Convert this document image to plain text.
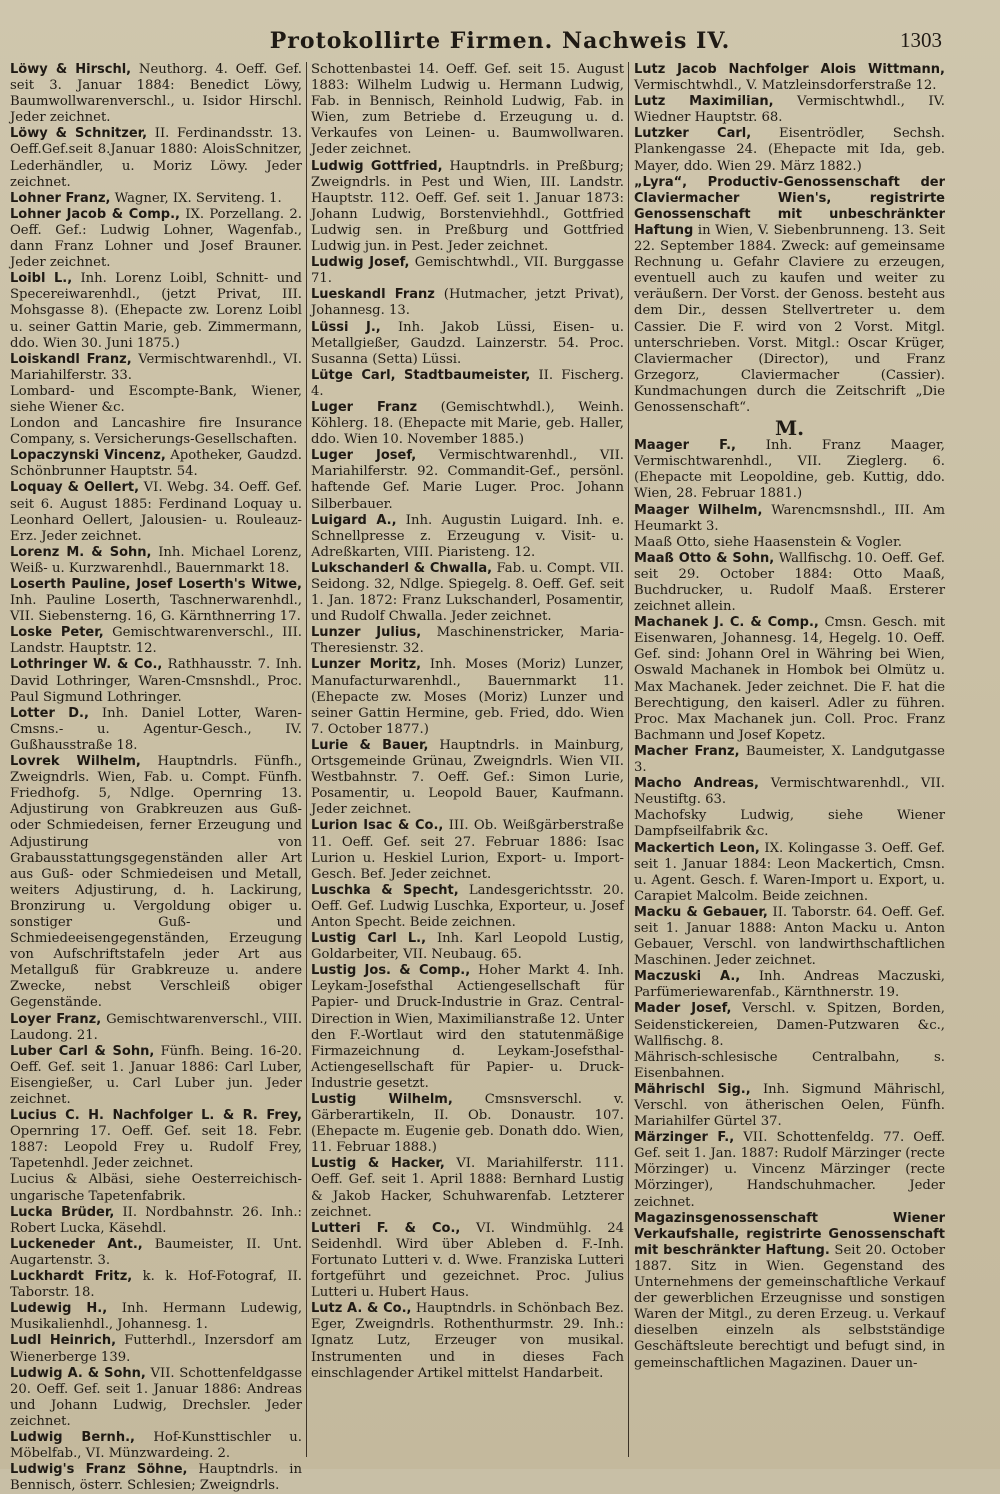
Protokollirte Firmen. Nachweis IV.	1303

Löwy & Hirschl, Neuthorg. 4. Oeff. Gef. seit 3. Januar 1884: Benedict Löwy, Baumwollwarenverschl., u. Isidor Hirschl. Jeder zeichnet.

Löwy & Schnitzer, II. Ferdinandsstr. 13. Oeff.Gef.seit 8.Januar 1880: AloisSchnitzer, Lederhändler, u. Moriz Löwy. Jeder zeichnet.

Lohner Franz, Wagner, IX. Serviteng. 1.

Lohner Jacob & Comp., IX. Porzellang. 2. Oeff. Gef.: Ludwig Lohner, Wagenfab., dann Franz Lohner und Josef Brauner. Jeder zeichnet.

Loibl L., Inh. Lorenz Loibl, Schnitt- und Specereiwarenhdl., (jetzt Privat, III. Mohsgasse 8). (Ehepacte zw. Lorenz Loibl u. seiner Gattin Marie, geb. Zimmermann, ddo. Wien 30. Juni 1875.)

Loiskandl Franz, Vermischtwarenhdl., VI. Mariahilferstr. 33.

Lombard- und Escompte-Bank, Wiener, siehe Wiener &c.

London and Lancashire fire Insurance Company, s. Versicherungs-Gesellschaften.

Lopaczynski Vincenz, Apotheker, Gaudzd. Schönbrunner Hauptstr. 54.

Loquay & Oellert, VI. Webg. 34. Oeff. Gef. seit 6. August 1885: Ferdinand Loquay u. Leonhard Oellert, Jalousien- u. Rouleauz-Erz. Jeder zeichnet.

Lorenz M. & Sohn, Inh. Michael Lorenz, Weiß- u. Kurzwarenhdl., Bauernmarkt 18.

Loserth Pauline, Josef Loserth's Witwe, Inh. Pauline Loserth, Taschnerwarenhdl., VII. Siebensterng. 16, G. Kärnthnerring 17.

Loske Peter, Gemischtwarenverschl., III. Landstr. Hauptstr. 12.

Lothringer W. & Co., Rathhausstr. 7. Inh. David Lothringer, Waren-Cmsnshdl., Proc. Paul Sigmund Lothringer.

Lotter D., Inh. Daniel Lotter, Waren-Cmsns.- u. Agentur-Gesch., IV. Gußhausstraße 18.

Lovrek Wilhelm, Hauptndrls. Fünfh., Zweigndrls. Wien, Fab. u. Compt. Fünfh. Friedhofg. 5, Ndlge. Opernring 13. Adjustirung von Grabkreuzen aus Guß- oder Schmiedeisen, ferner Erzeugung und Adjustirung von Grabausstattungsgegenständen aller Art aus Guß- oder Schmiedeisen und Metall, weiters Adjustirung, d. h. Lackirung, Bronzirung u. Vergoldung obiger u. sonstiger Guß- und Schmiedeeisengegenständen, Erzeugung von Aufschriftstafeln jeder Art aus Metallguß für Grabkreuze u. andere Zwecke, nebst Verschleiß obiger Gegenstände.

Loyer Franz, Gemischtwarenverschl., VIII. Laudong. 21.

Luber Carl & Sohn, Fünfh. Being. 16-20. Oeff. Gef. seit 1. Januar 1886: Carl Luber, Eisengießer, u. Carl Luber jun. Jeder zeichnet.

Lucius C. H. Nachfolger L. & R. Frey, Opernring 17. Oeff. Gef. seit 18. Febr. 1887: Leopold Frey u. Rudolf Frey, Tapetenhdl. Jeder zeichnet.

Lucius & Albäsi, siehe Oesterreichisch-ungarische Tapetenfabrik.

Lucka Brüder, II. Nordbahnstr. 26. Inh.: Robert Lucka, Käsehdl.

Luckeneder Ant., Baumeister, II. Unt. Augartenstr. 3.

Luckhardt Fritz, k. k. Hof-Fotograf, II. Taborstr. 18.

Ludewig H., Inh. Hermann Ludewig, Musikalienhdl., Johannesg. 1.

Ludl Heinrich, Futterhdl., Inzersdorf am Wienerberge 139.

Ludwig A. & Sohn, VII. Schottenfeldgasse 20. Oeff. Gef. seit 1. Januar 1886: Andreas und Johann Ludwig, Drechsler. Jeder zeichnet.

Ludwig Bernh., Hof-Kunsttischler u. Möbelfab., VI. Münzwardeing. 2.

Ludwig's Franz Söhne, Hauptndrls. in Bennisch, österr. Schlesien; Zweigndrls.

Schottenbastei 14. Oeff. Gef. seit 15. August 1883: Wilhelm Ludwig u. Hermann Ludwig, Fab. in Bennisch, Reinhold Ludwig, Fab. in Wien, zum Betriebe d. Erzeugung u. d. Verkaufes von Leinen- u. Baumwollwaren. Jeder zeichnet.

Ludwig Gottfried, Hauptndrls. in Preßburg; Zweigndrls. in Pest und Wien, III. Landstr. Hauptstr. 112. Oeff. Gef. seit 1. Januar 1873: Johann Ludwig, Borstenviehhdl., Gottfried Ludwig sen. in Preßburg und Gottfried Ludwig jun. in Pest. Jeder zeichnet.

Ludwig Josef, Gemischtwhdl., VII. Burggasse 71.

Lueskandl Franz (Hutmacher, jetzt Privat), Johannesg. 13.

Lüssi J., Inh. Jakob Lüssi, Eisen- u. Metallgießer, Gaudzd. Lainzerstr. 54. Proc. Susanna (Setta) Lüssi.

Lütge Carl, Stadtbaumeister, II. Fischerg. 4.

Luger Franz (Gemischtwhdl.), Weinh. Köhlerg. 18. (Ehepacte mit Marie, geb. Haller, ddo. Wien 10. November 1885.)

Luger Josef, Vermischtwarenhdl., VII. Mariahilferstr. 92. Commandit-Gef., persönl. haftende Gef. Marie Luger. Proc. Johann Silberbauer.

Luigard A., Inh. Augustin Luigard. Inh. e. Schnellpresse z. Erzeugung v. Visit- u. Adreßkarten, VIII. Piaristeng. 12.

Lukschanderl & Chwalla, Fab. u. Compt. VII. Seidong. 32, Ndlge. Spiegelg. 8. Oeff. Gef. seit 1. Jan. 1872: Franz Lukschanderl, Posamentir, und Rudolf Chwalla. Jeder zeichnet.

Lunzer Julius, Maschinenstricker, Maria-Theresienstr. 32.

Lunzer Moritz, Inh. Moses (Moriz) Lunzer, Manufacturwarenhdl., Bauernmarkt 11. (Ehepacte zw. Moses (Moriz) Lunzer und seiner Gattin Hermine, geb. Fried, ddo. Wien 7. October 1877.)

Lurie & Bauer, Hauptndrls. in Mainburg, Ortsgemeinde Grünau, Zweigndrls. Wien VII. Westbahnstr. 7. Oeff. Gef.: Simon Lurie, Posamentir, u. Leopold Bauer, Kaufmann. Jeder zeichnet.

Lurion Isac & Co., III. Ob. Weißgärberstraße 11. Oeff. Gef. seit 27. Februar 1886: Isac Lurion u. Heskiel Lurion, Export- u. Import-Gesch. Bef. Jeder zeichnet.

Luschka & Specht, Landesgerichtsstr. 20. Oeff. Gef. Ludwig Luschka, Exporteur, u. Josef Anton Specht. Beide zeichnen.

Lustig Carl L., Inh. Karl Leopold Lustig, Goldarbeiter, VII. Neubaug. 65.

Lustig Jos. & Comp., Hoher Markt 4. Inh. Leykam-Josefsthal Actiengesellschaft für Papier- und Druck-Industrie in Graz. Central-Direction in Wien, Maximilianstraße 12. Unter den F.-Wortlaut wird den statutenmäßige Firmazeichnung d. Leykam-Josefsthal-Actiengesellschaft für Papier- u. Druck-Industrie gesetzt.

Lustig Wilhelm, Cmsnsverschl. v. Gärberartikeln, II. Ob. Donaustr. 107. (Ehepacte m. Eugenie geb. Donath ddo. Wien, 11. Februar 1888.)

Lustig & Hacker, VI. Mariahilferstr. 111. Oeff. Gef. seit 1. April 1888: Bernhard Lustig & Jakob Hacker, Schuhwarenfab. Letzterer zeichnet.

Lutteri F. & Co., VI. Windmühlg. 24 Seidenhdl. Wird über Ableben d. F.-Inh. Fortunato Lutteri v. d. Wwe. Franziska Lutteri fortgeführt und gezeichnet. Proc. Julius Lutteri u. Hubert Haus.

Lutz A. & Co., Hauptndrls. in Schönbach Bez. Eger, Zweigndrls. Rothenthurmstr. 29. Inh.: Ignatz Lutz, Erzeuger von musikal. Instrumenten und in dieses Fach einschlagender Artikel mittelst Handarbeit.

Lutz Jacob Nachfolger Alois Wittmann, Vermischtwhdl., V. Matzleinsdorferstraße 12.

Lutz Maximilian, Vermischtwhdl., IV. Wiedner Hauptstr. 68.

Lutzker Carl, Eisentrödler, Sechsh. Plankengasse 24. (Ehepacte mit Ida, geb. Mayer, ddo. Wien 29. März 1882.)

„Lyra“, Productiv-Genossenschaft der Claviermacher Wien's, registrirte Genossenschaft mit unbeschränkter Haftung in Wien, V. Siebenbrunneng. 13. Seit 22. September 1884. Zweck: auf gemeinsame Rechnung u. Gefahr Claviere zu erzeugen, eventuell auch zu kaufen und weiter zu veräußern. Der Vorst. der Genoss. besteht aus dem Dir., dessen Stellvertreter u. dem Cassier. Die F. wird von 2 Vorst. Mitgl. unterschrieben. Vorst. Mitgl.: Oscar Krüger, Claviermacher (Director), und Franz Grzegorz, Claviermacher (Cassier). Kundmachungen durch die Zeitschrift „Die Genossenschaft“.

M.

Maager F., Inh. Franz Maager, Vermischtwarenhdl., VII. Zieglerg. 6. (Ehepacte mit Leopoldine, geb. Kuttig, ddo. Wien, 28. Februar 1881.)

Maager Wilhelm, Warencmsnshdl., III. Am Heumarkt 3.

Maaß Otto, siehe Haasenstein & Vogler.

Maaß Otto & Sohn, Wallfischg. 10. Oeff. Gef. seit 29. October 1884: Otto Maaß, Buchdrucker, u. Rudolf Maaß. Ersterer zeichnet allein.

Machanek J. C. & Comp., Cmsn. Gesch. mit Eisenwaren, Johannesg. 14, Hegelg. 10. Oeff. Gef. sind: Johann Orel in Währing bei Wien, Oswald Machanek in Hombok bei Olmütz u. Max Machanek. Jeder zeichnet. Die F. hat die Berechtigung, den kaiserl. Adler zu führen. Proc. Max Machanek jun. Coll. Proc. Franz Bachmann und Josef Kopetz.

Macher Franz, Baumeister, X. Landgutgasse 3.

Macho Andreas, Vermischtwarenhdl., VII. Neustiftg. 63.

Machofsky Ludwig, siehe Wiener Dampfseilfabrik &c.

Mackertich Leon, IX. Kolingasse 3. Oeff. Gef. seit 1. Januar 1884: Leon Mackertich, Cmsn. u. Agent. Gesch. f. Waren-Import u. Export, u. Carapiet Malcolm. Beide zeichnen.

Macku & Gebauer, II. Taborstr. 64. Oeff. Gef. seit 1. Januar 1888: Anton Macku u. Anton Gebauer, Verschl. von landwirthschaftlichen Maschinen. Jeder zeichnet.

Maczuski A., Inh. Andreas Maczuski, Parfümeriewarenfab., Kärnthnerstr. 19.

Mader Josef, Verschl. v. Spitzen, Borden, Seidenstickereien, Damen-Putzwaren &c., Wallfischg. 8.

Mährisch-schlesische Centralbahn, s. Eisenbahnen.

Mährischl Sig., Inh. Sigmund Mährischl, Verschl. von ätherischen Oelen, Fünfh. Mariahilfer Gürtel 37.

Märzinger F., VII. Schottenfeldg. 77. Oeff. Gef. seit 1. Jan. 1887: Rudolf Märzinger (recte Mörzinger) u. Vincenz Märzinger (recte Mörzinger), Handschuhmacher. Jeder zeichnet.

Magazinsgenossenschaft Wiener Verkaufshalle, registrirte Genossenschaft mit beschränkter Haftung. Seit 20. October 1887. Sitz in Wien. Gegenstand des Unternehmens der gemeinschaftliche Verkauf der gewerblichen Erzeugnisse und sonstigen Waren der Mitgl., zu deren Erzeug. u. Verkauf dieselben einzeln als selbstständige Geschäftsleute berechtigt und befugt sind, in gemeinschaftlichen Magazinen. Dauer un-
